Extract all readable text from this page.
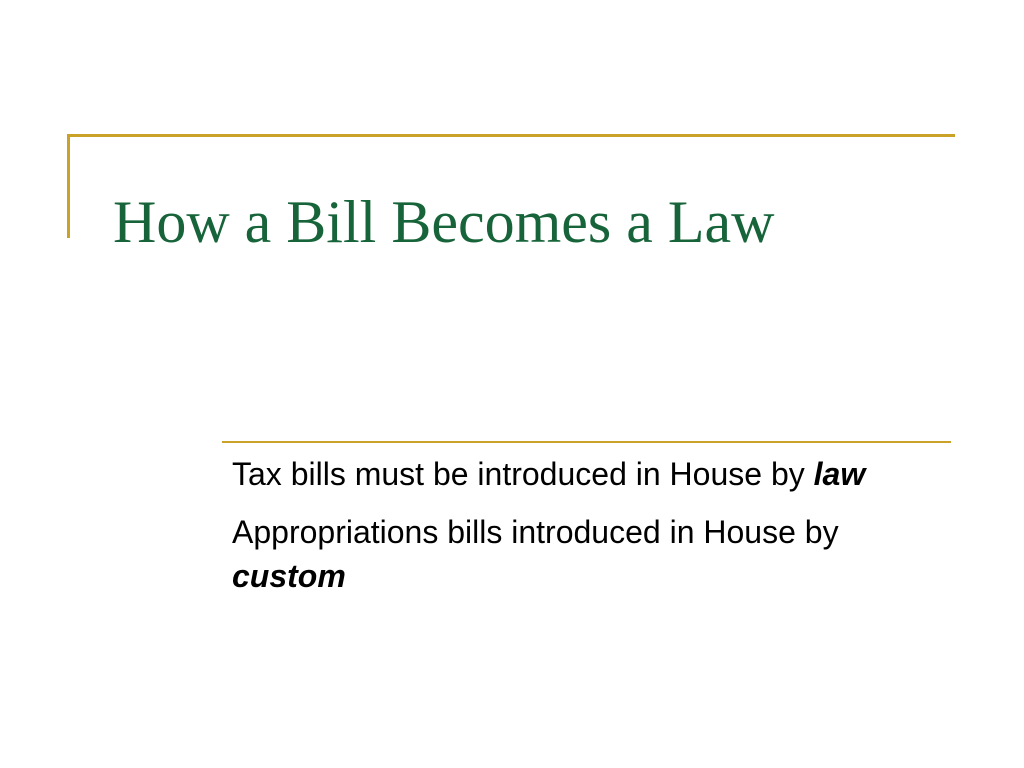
How a Bill Becomes a Law
Tax bills must be introduced in House by law
Appropriations bills introduced in House by custom
